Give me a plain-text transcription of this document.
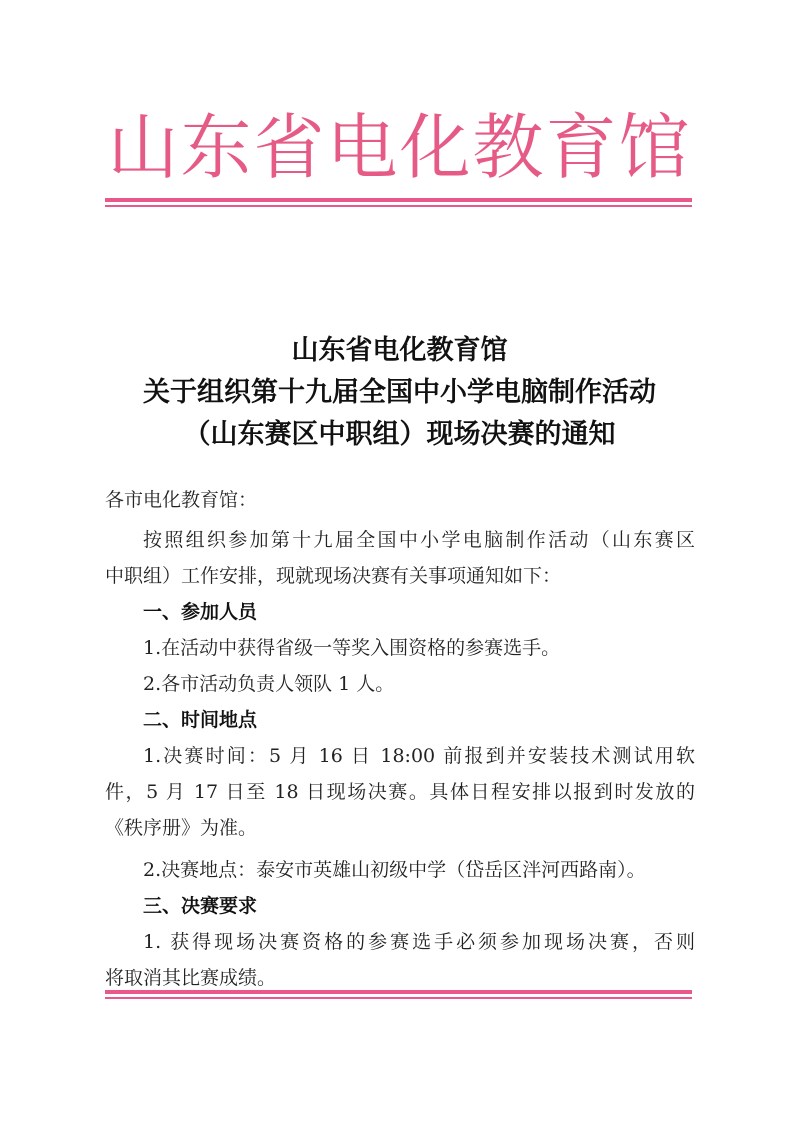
山东省电化教育馆
山东省电化教育馆
关于组织第十九届全国中小学电脑制作活动
（山东赛区中职组）现场决赛的通知
各市电化教育馆：
按照组织参加第十九届全国中小学电脑制作活动（山东赛区
中职组）工作安排，现就现场决赛有关事项通知如下：
一、参加人员
1.在活动中获得省级一等奖入围资格的参赛选手。
2.各市活动负责人领队 1 人。
二、时间地点
1.决赛时间：5 月 16 日 18:00 前报到并安装技术测试用软
件，5 月 17 日至 18 日现场决赛。具体日程安排以报到时发放的
《秩序册》为准。
2.决赛地点：泰安市英雄山初级中学（岱岳区泮河西路南）。
三、决赛要求
1. 获得现场决赛资格的参赛选手必须参加现场决赛，否则
将取消其比赛成绩。
